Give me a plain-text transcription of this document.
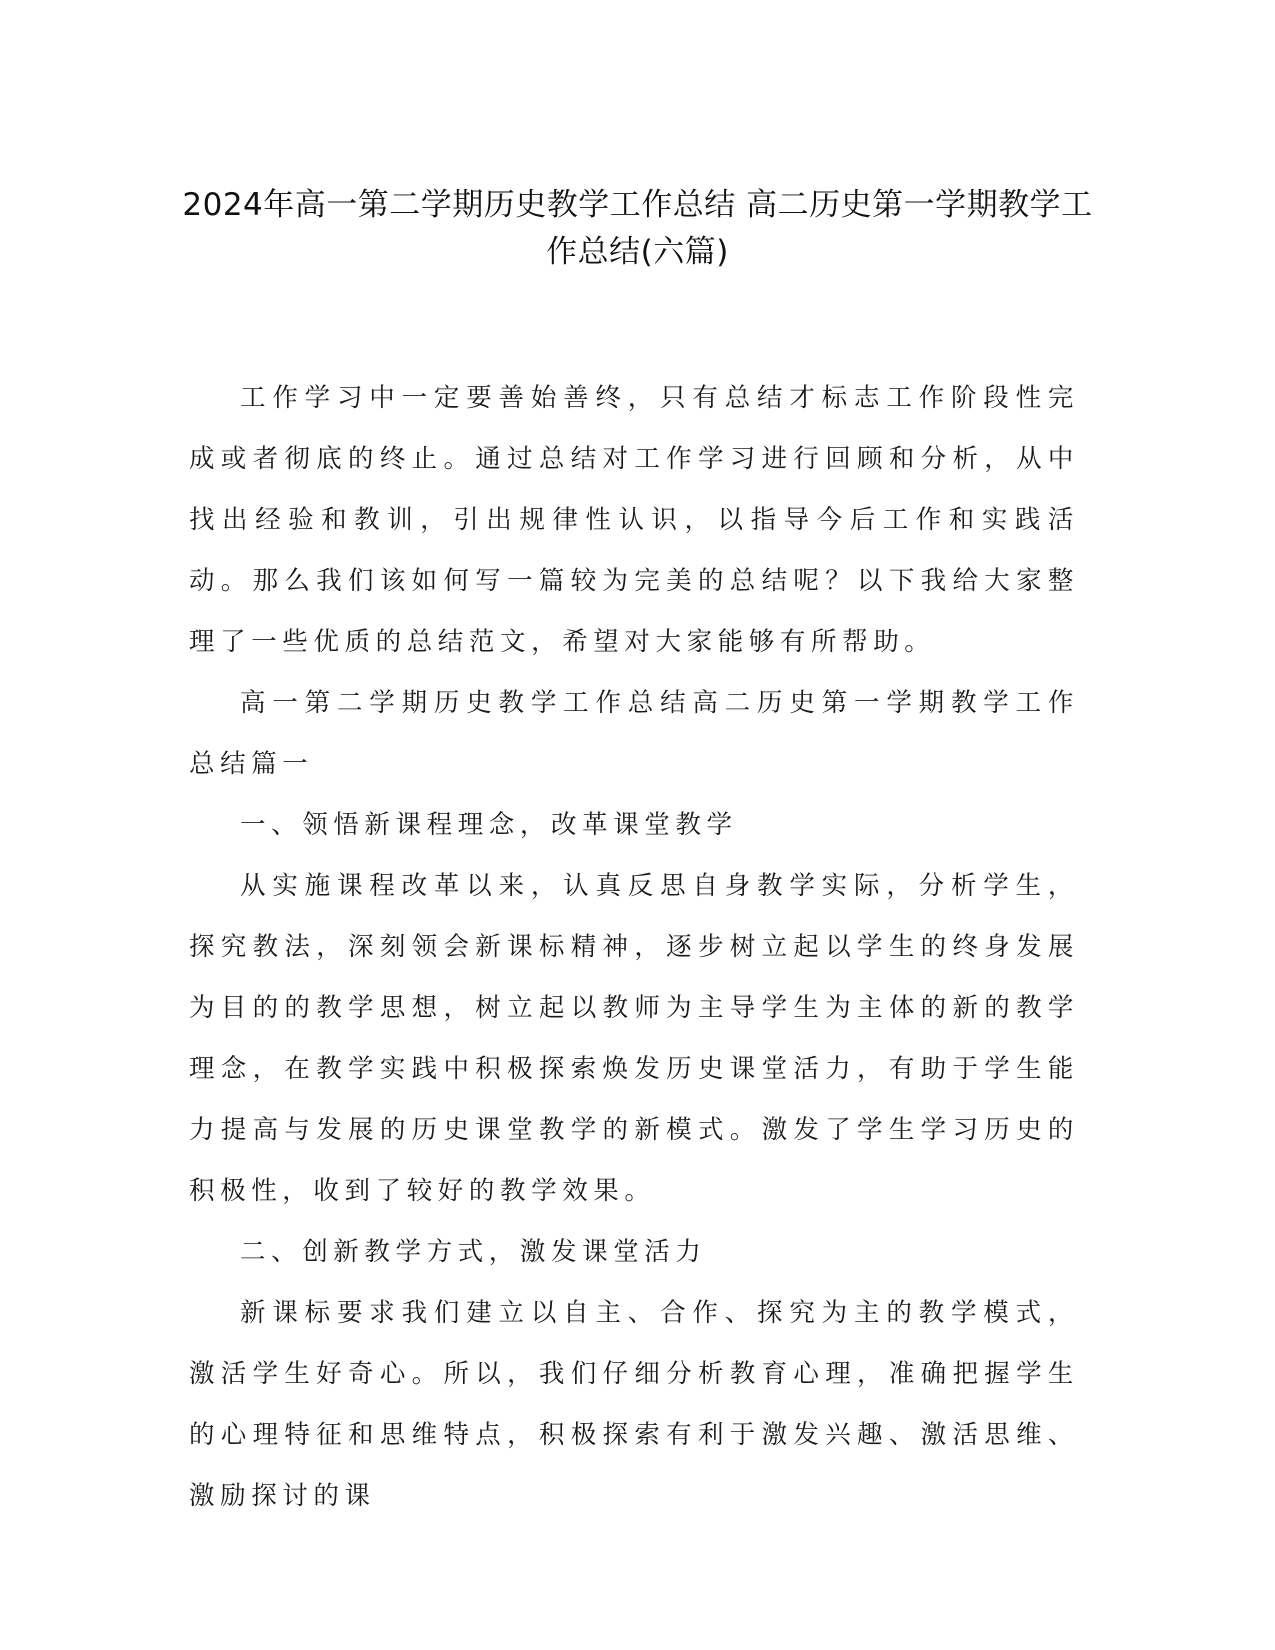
2024年高一第二学期历史教学工作总结 高二历史第一学期教学工作总结(六篇)

工作学习中一定要善始善终，只有总结才标志工作阶段性完成或者彻底的终止。通过总结对工作学习进行回顾和分析，从中找出经验和教训，引出规律性认识，以指导今后工作和实践活动。那么我们该如何写一篇较为完美的总结呢？以下我给大家整理了一些优质的总结范文，希望对大家能够有所帮助。

高一第二学期历史教学工作总结高二历史第一学期教学工作总结篇一

一、领悟新课程理念，改革课堂教学

从实施课程改革以来，认真反思自身教学实际，分析学生，探究教法，深刻领会新课标精神，逐步树立起以学生的终身发展为目的的教学思想，树立起以教师为主导学生为主体的新的教学理念，在教学实践中积极探索焕发历史课堂活力，有助于学生能力提高与发展的历史课堂教学的新模式。激发了学生学习历史的积极性，收到了较好的教学效果。

二、创新教学方式，激发课堂活力

新课标要求我们建立以自主、合作、探究为主的教学模式，激活学生好奇心。所以，我们仔细分析教育心理，准确把握学生的心理特征和思维特点，积极探索有利于激发兴趣、激活思维、激励探讨的课
